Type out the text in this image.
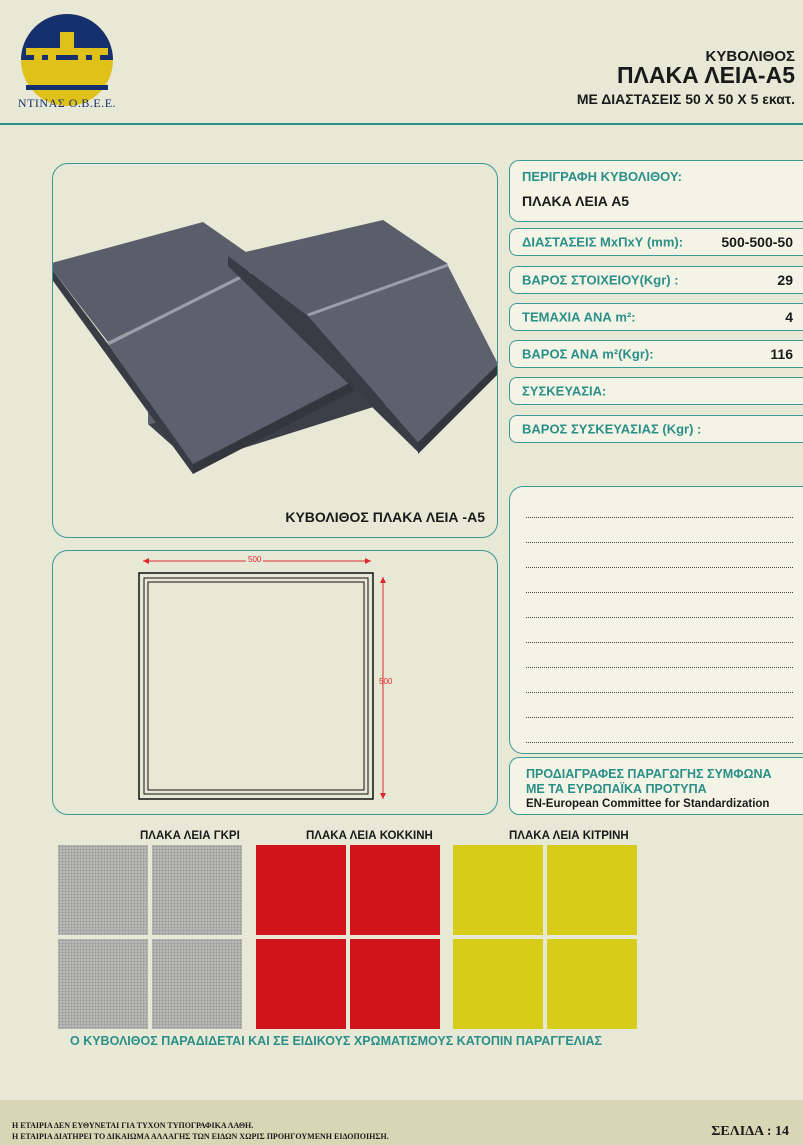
ΝΤΙΝΑΣ Ο.Β.Ε.Ε.
ΚΥΒΟΛΙΘΟΣ
ΠΛΑΚΑ ΛΕΙΑ-Α5
ΜΕ ΔΙΑΣΤΑΣΕΙΣ 50 Χ 50 Χ 5 εκατ.
ΚΥΒΟΛΙΘΟΣ ΠΛΑΚΑ ΛΕΙΑ -Α5
ΠΕΡΙΓΡΑΦΗ ΚΥΒΟΛΙΘΟΥ:
ΠΛΑΚΑ ΛΕΙΑ Α5
ΔΙΑΣΤΑΣΕΙΣ ΜxΠxΥ (mm):	500-500-50
ΒΑΡΟΣ ΣΤΟΙΧΕΙΟΥ(Kgr) :	29
ΤΕΜΑΧΙΑ ΑΝΑ m²:	4
ΒΑΡΟΣ ΑΝΑ m²(Kgr):	116
ΣΥΣΚΕΥΑΣΙΑ:
ΒΑΡΟΣ ΣΥΣΚΕΥΑΣΙΑΣ (Kgr) :
500
500
ΠΡΟΔΙΑΓΡΑΦΕΣ ΠΑΡΑΓΩΓΗΣ ΣΥΜΦΩΝΑ
ΜΕ ΤΑ ΕΥΡΩΠΑΪΚΑ ΠΡΟΤΥΠΑ
EN-European Committee for Standardization
ΠΛΑΚΑ ΛΕΙΑ ΓΚΡΙ	ΠΛΑΚΑ ΛΕΙΑ ΚΟΚΚΙΝΗ	ΠΛΑΚΑ ΛΕΙΑ ΚΙΤΡΙΝΗ
Ο ΚΥΒΟΛΙΘΟΣ ΠΑΡΑΔΙΔΕΤΑΙ ΚΑΙ ΣΕ ΕΙΔΙΚΟΥΣ ΧΡΩΜΑΤΙΣΜΟΥΣ ΚΑΤΟΠΙΝ ΠΑΡΑΓΓΕΛΙΑΣ
Η ΕΤΑΙΡΙΑ ΔΕΝ ΕΥΘΥΝΕΤΑΙ ΓΙΑ ΤΥΧΟΝ ΤΥΠΟΓΡΑΦΙΚΑ ΛΑΘΗ.
Η ΕΤΑΙΡΙΑ ΔΙΑΤΗΡΕΙ ΤΟ ΔΙΚΑΙΩΜΑ ΑΛΛΑΓΗΣ ΤΩΝ ΕΙΔΩΝ ΧΩΡΙΣ ΠΡΟΗΓΟΥΜΕΝΗ ΕΙΔΟΠΟΙΗΣΗ.	ΣΕΛΙΔΑ : 14
